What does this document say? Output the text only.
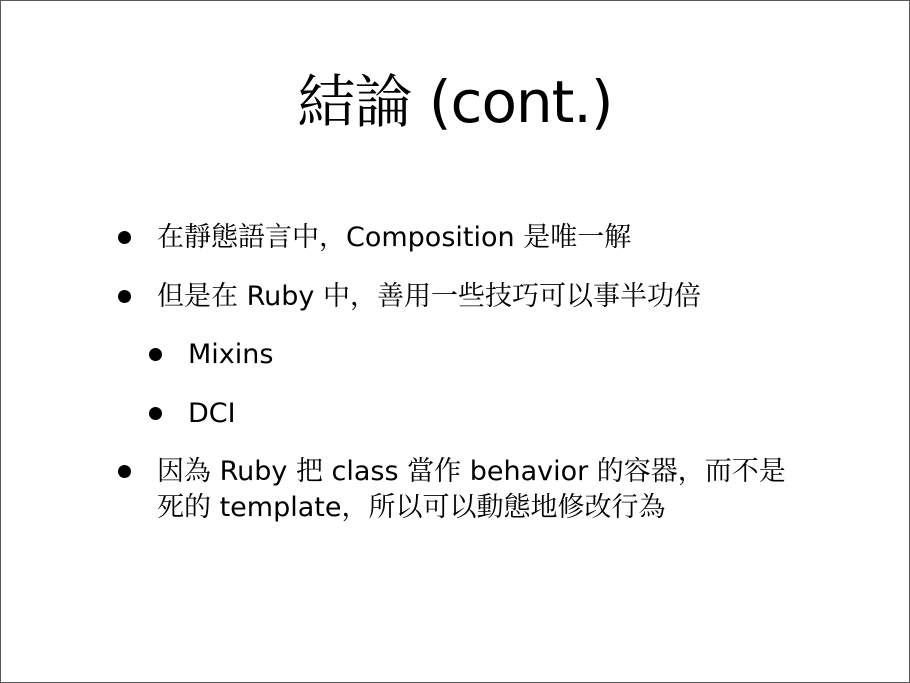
結論 (cont.)

在靜態語言中，Composition 是唯一解

但是在 Ruby 中，善用一些技巧可以事半功倍

Mixins

DCI

因為 Ruby 把 class 當作 behavior 的容器，而不是死的 template，所以可以動態地修改行為
